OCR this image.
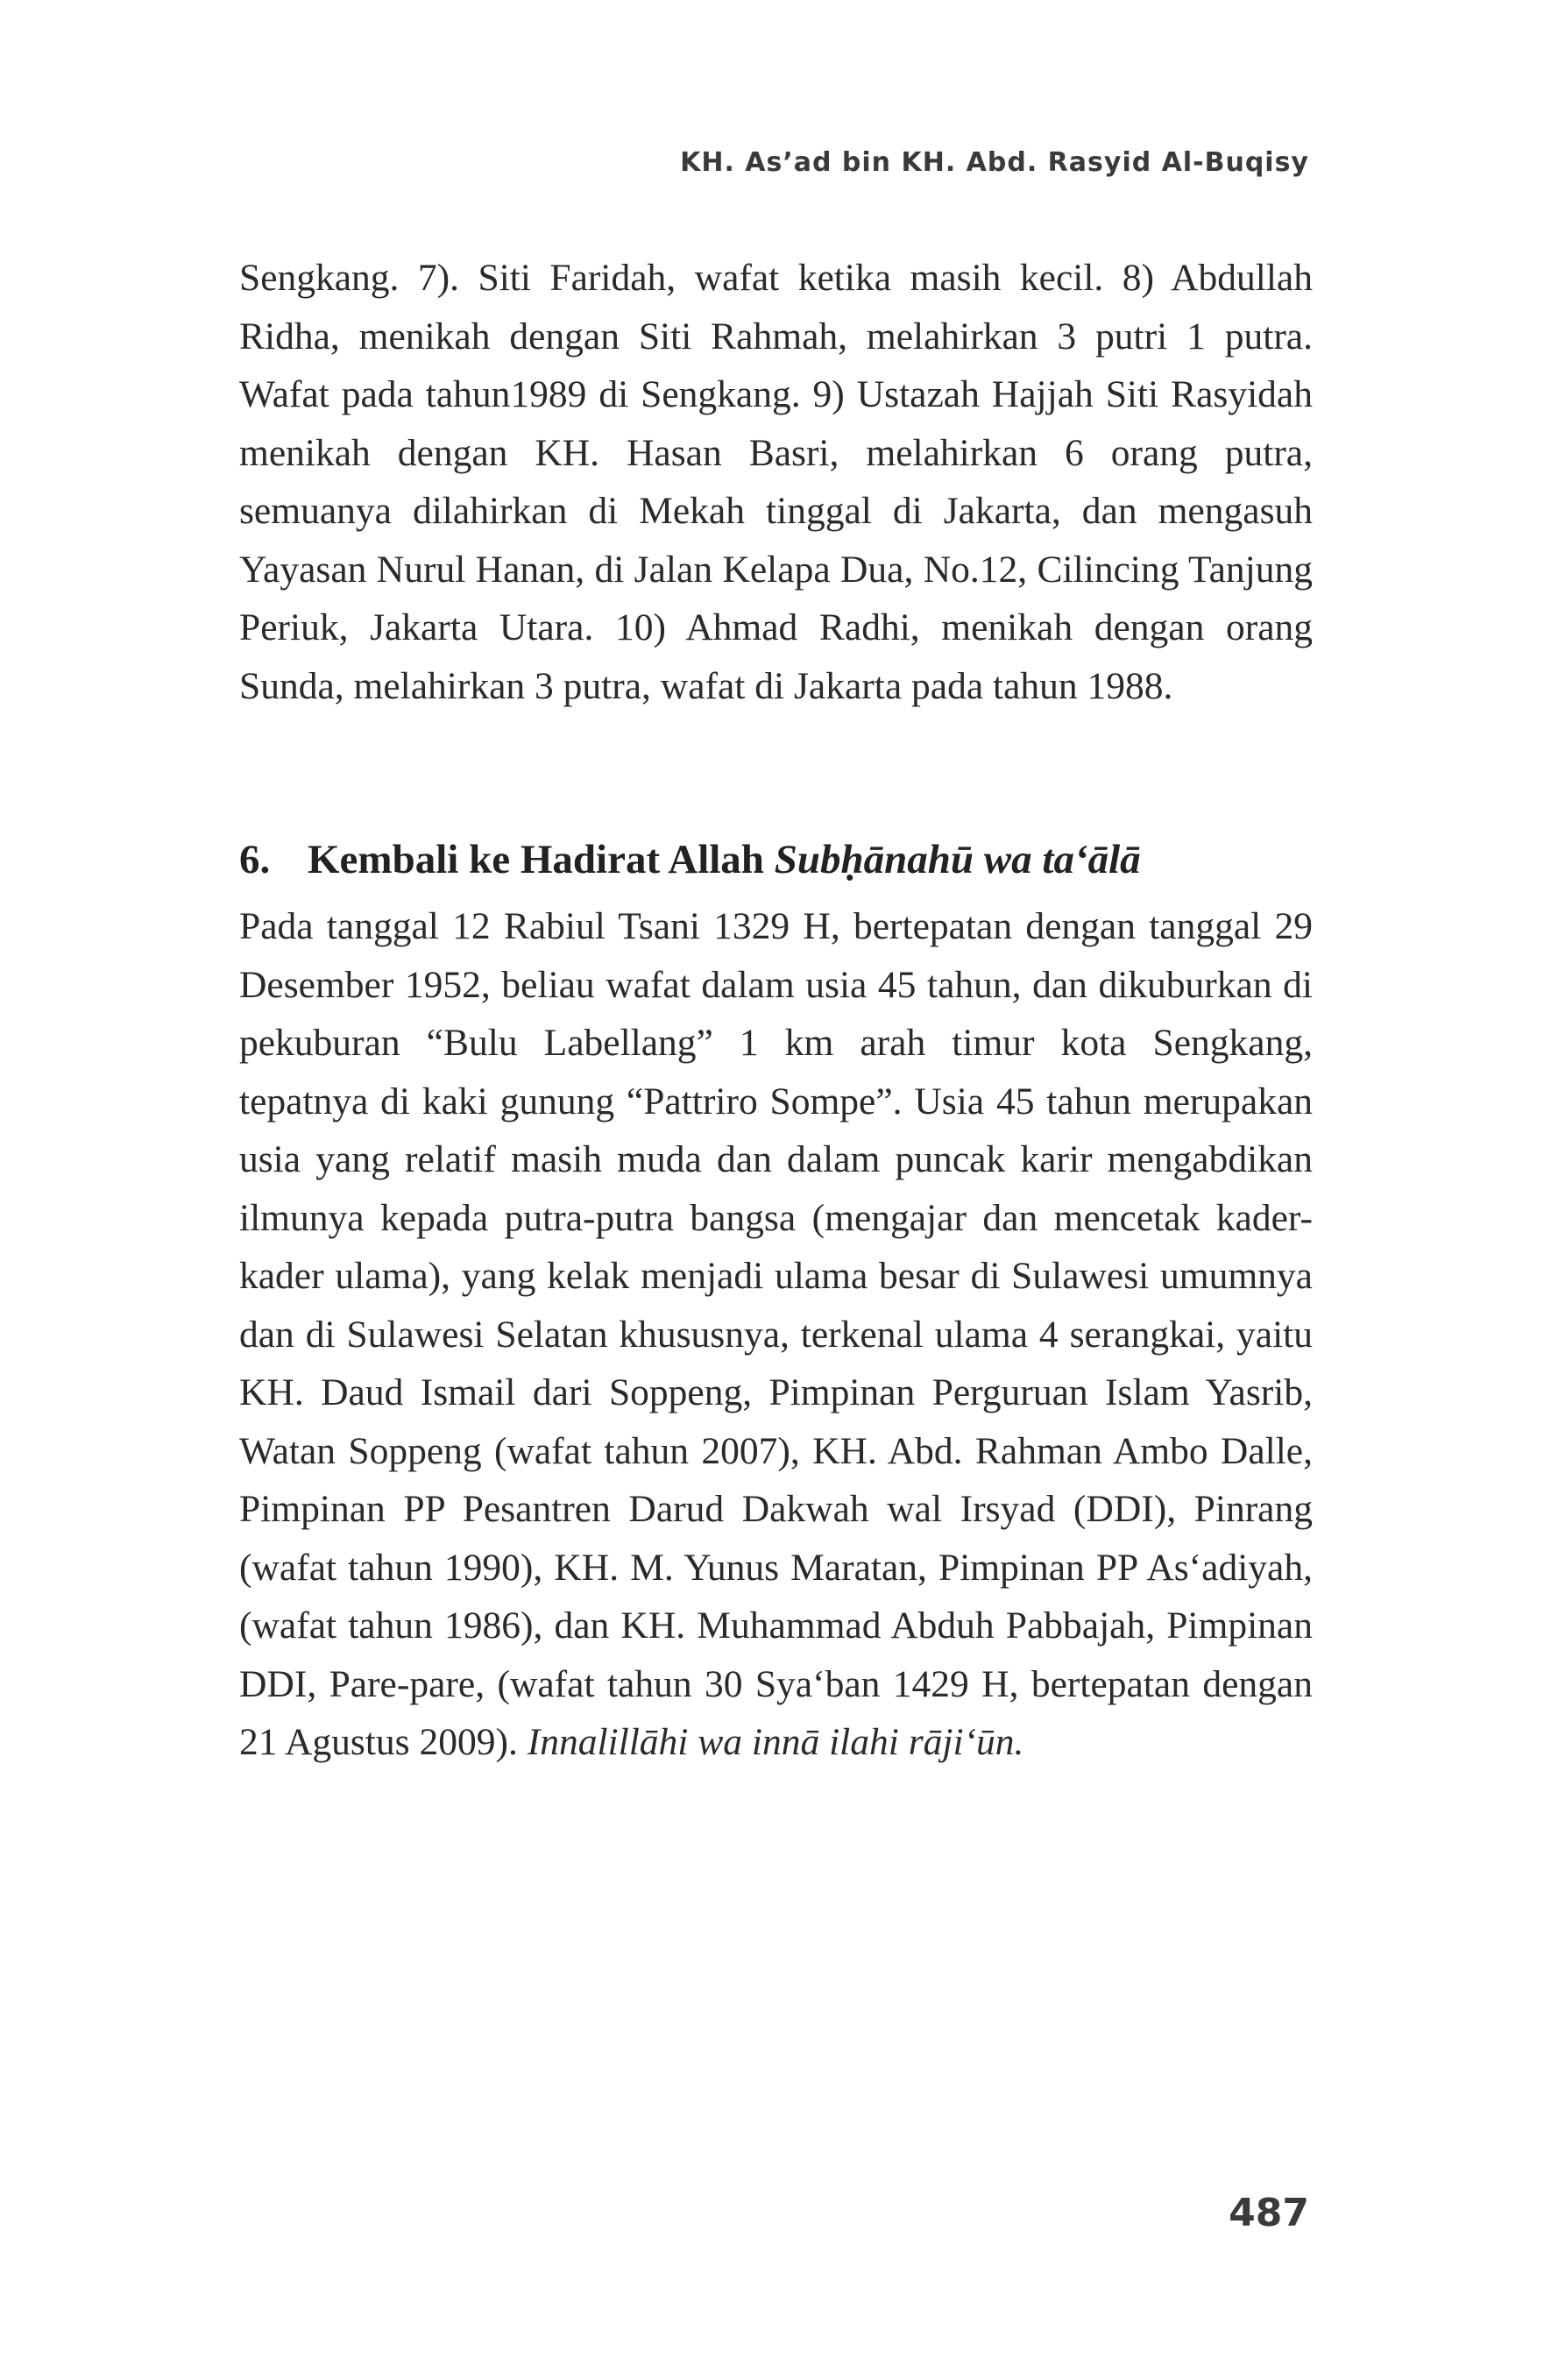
KH. As’ad bin KH. Abd. Rasyid Al-Buqisy

Sengkang. 7). Siti Faridah, wafat ketika masih kecil. 8) Abdullah Ridha, menikah dengan Siti Rahmah, melahirkan 3 putri 1 putra. Wafat pada tahun1989 di Sengkang. 9) Ustazah Hajjah Siti Rasyidah menikah dengan KH. Hasan Basri, melahirkan 6 orang putra, semuanya dilahirkan di Mekah tinggal di Jakarta, dan mengasuh Yayasan Nurul Hanan, di Jalan Kelapa Dua, No.12, Cilincing Tanjung Periuk, Jakarta Utara. 10) Ahmad Radhi, menikah dengan orang Sunda, melahirkan 3 putra, wafat di Jakarta pada tahun 1988.

6. Kembali ke Hadirat Allah Subḥānahū wa ta‘ālā

Pada tanggal 12 Rabiul Tsani 1329 H, bertepatan dengan tanggal 29 Desember 1952, beliau wafat dalam usia 45 tahun, dan dikuburkan di pekuburan “Bulu Labellang” 1 km arah timur kota Sengkang, tepatnya di kaki gunung “Pattriro Sompe”. Usia 45 tahun merupakan usia yang relatif masih muda dan dalam puncak karir mengabdikan ilmunya kepada putra-putra bangsa (mengajar dan mencetak kader-kader ulama), yang kelak menjadi ulama besar di Sulawesi umumnya dan di Sulawesi Selatan khususnya, terkenal ulama 4 serangkai, yaitu KH. Daud Ismail dari Soppeng, Pimpinan Perguruan Islam Yasrib, Watan Soppeng (wafat tahun 2007), KH. Abd. Rahman Ambo Dalle, Pimpinan PP Pesantren Darud Dakwah wal Irsyad (DDI), Pinrang (wafat tahun 1990), KH. M. Yunus Maratan, Pimpinan PP As‘adiyah, (wafat tahun 1986), dan KH. Muhammad Abduh Pabbajah, Pimpinan DDI, Pare-pare, (wafat tahun 30 Sya‘ban 1429 H, bertepatan dengan 21 Agustus 2009). Innalillāhi wa innā ilahi rāji‘ūn.

487
